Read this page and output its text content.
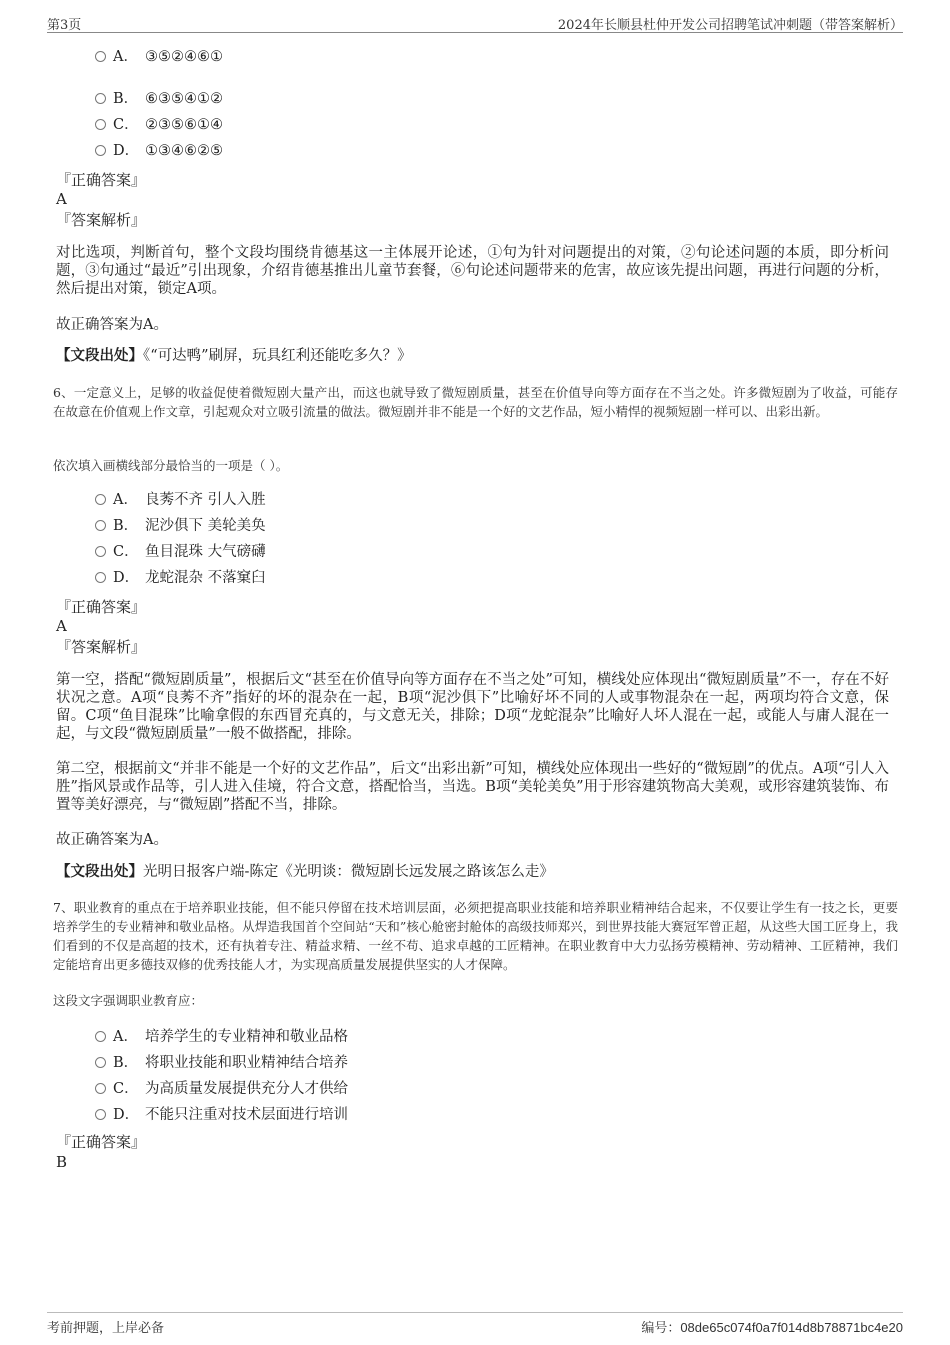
第3页	2024年长顺县杜仲开发公司招聘笔试冲刺题（带答案解析）
A． ③⑤②④⑥①
B． ⑥③⑤④①②
C． ②③⑤⑥①④
D． ①③④⑥②⑤
『正确答案』
A
『答案解析』
对比选项，判断首句，整个文段均围绕肯德基这一主体展开论述，①句为针对问题提出的对策，②句论述问题的本质，即分析问题，③句通过“最近”引出现象，介绍肯德基推出儿童节套餐，⑥句论述问题带来的危害，故应该先提出问题，再进行问题的分析，然后提出对策，锁定A项。
故正确答案为A。
【文段出处】《“可达鸭”刷屏，玩具红利还能吃多久？》
6、一定意义上，足够的收益促使着微短剧大量产出，而这也就导致了微短剧质量，甚至在价值导向等方面存在不当之处。许多微短剧为了收益，可能存在故意在价值观上作文章，引起观众对立吸引流量的做法。微短剧并非不能是一个好的文艺作品，短小精悍的视频短剧一样可以、出彩出新。
依次填入画横线部分最恰当的一项是（ ）。
A． 良莠不齐 引人入胜
B． 泥沙俱下 美轮美奂
C． 鱼目混珠 大气磅礴
D． 龙蛇混杂 不落窠臼
『正确答案』
A
『答案解析』
第一空，搭配“微短剧质量”，根据后文“甚至在价值导向等方面存在不当之处”可知，横线处应体现出“微短剧质量”不一，存在不好状况之意。A项“良莠不齐”指好的坏的混杂在一起，B项“泥沙俱下”比喻好坏不同的人或事物混杂在一起，两项均符合文意，保留。C项“鱼目混珠”比喻拿假的东西冒充真的，与文意无关，排除；D项“龙蛇混杂”比喻好人坏人混在一起，或能人与庸人混在一起，与文段“微短剧质量”一般不做搭配，排除。
第二空，根据前文“并非不能是一个好的文艺作品”，后文“出彩出新”可知，横线处应体现出一些好的“微短剧”的优点。A项“引人入胜”指风景或作品等，引人进入佳境，符合文意，搭配恰当，当选。B项“美轮美奂”用于形容建筑物高大美观，或形容建筑装饰、布置等美好漂亮，与“微短剧”搭配不当，排除。
故正确答案为A。
【文段出处】光明日报客户端-陈定《光明谈：微短剧长远发展之路该怎么走》
7、职业教育的重点在于培养职业技能，但不能只停留在技术培训层面，必须把提高职业技能和培养职业精神结合起来，不仅要让学生有一技之长，更要培养学生的专业精神和敬业品格。从焊造我国首个空间站“天和”核心舱密封舱体的高级技师郑兴，到世界技能大赛冠军曾正超，从这些大国工匠身上，我们看到的不仅是高超的技术，还有执着专注、精益求精、一丝不苟、追求卓越的工匠精神。在职业教育中大力弘扬劳模精神、劳动精神、工匠精神，我们定能培育出更多德技双修的优秀技能人才，为实现高质量发展提供坚实的人才保障。
这段文字强调职业教育应：
A． 培养学生的专业精神和敬业品格
B． 将职业技能和职业精神结合培养
C． 为高质量发展提供充分人才供给
D． 不能只注重对技术层面进行培训
『正确答案』
B
考前押题，上岸必备	编号：08de65c074f0a7f014d8b78871bc4e20
